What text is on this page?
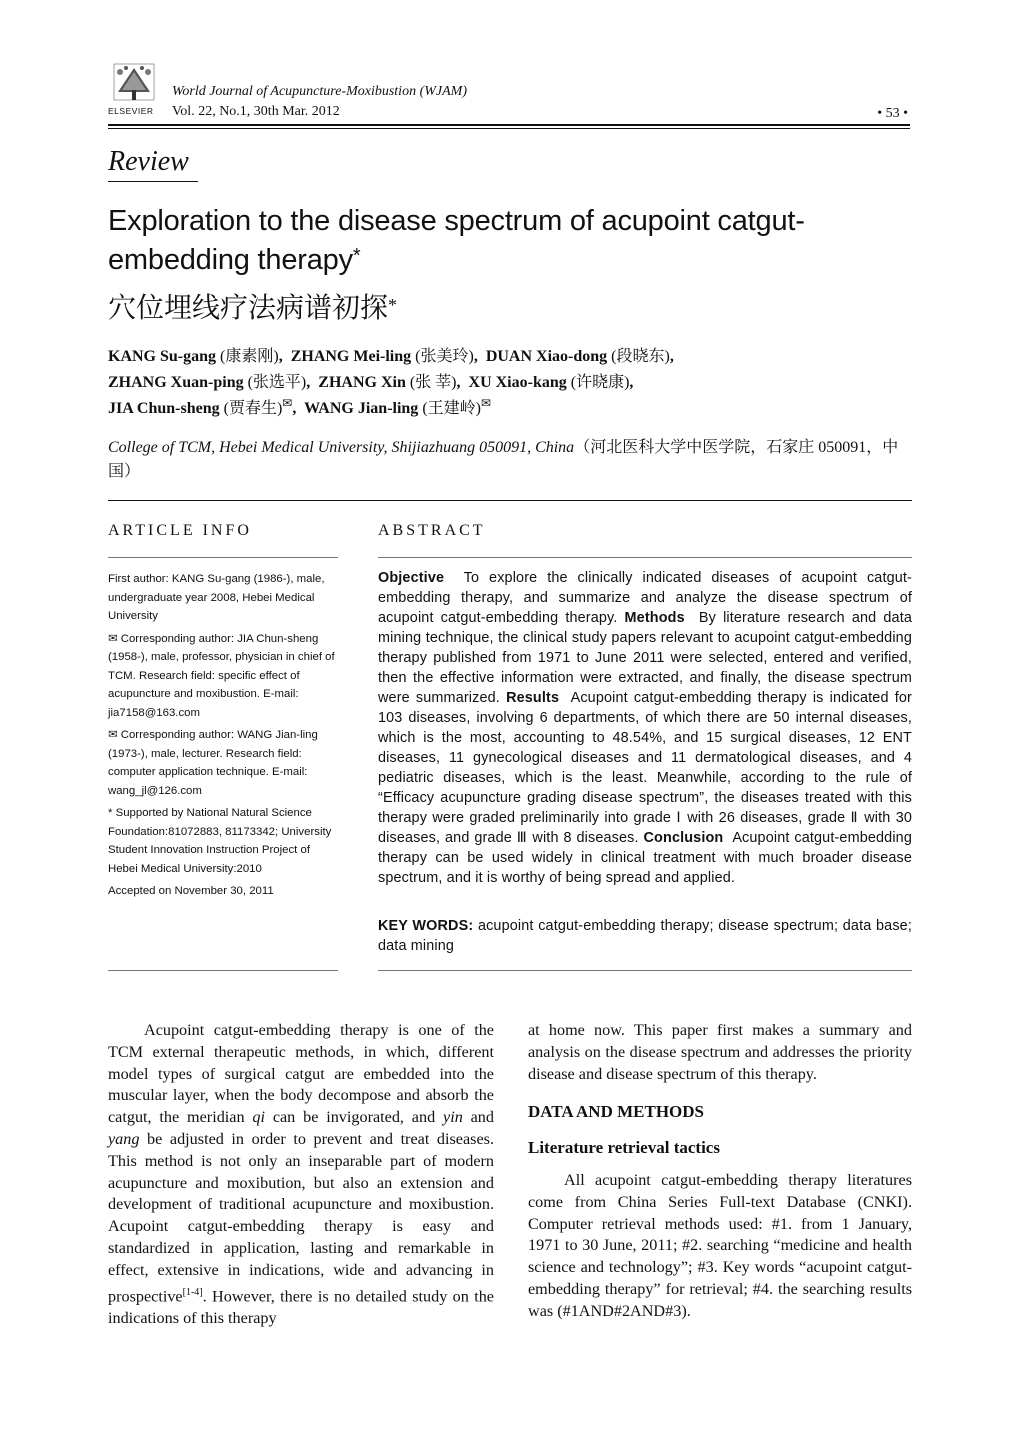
ELSEVIER
World Journal of Acupuncture-Moxibustion (WJAM)
Vol. 22, No.1, 30th Mar. 2012	• 53 •
Review
Exploration to the disease spectrum of acupoint catgut-embedding therapy*
穴位埋线疗法病谱初探*
KANG Su-gang (康素刚), ZHANG Mei-ling (张美玲), DUAN Xiao-dong (段晓东),
ZHANG Xuan-ping (张选平), ZHANG Xin (张 莘), XU Xiao-kang (许晓康),
JIA Chun-sheng (贾春生)✉, WANG Jian-ling (王建岭)✉
College of TCM, Hebei Medical University, Shijiazhuang 050091, China（河北医科大学中医学院，石家庄 050091，中国）
ARTICLE INFO

First author: KANG Su-gang (1986-), male, undergraduate year 2008, Hebei Medical University

✉ Corresponding author: JIA Chun-sheng (1958-), male, professor, physician in chief of TCM. Research field: specific effect of acupuncture and moxibustion. E-mail: jia7158@163.com

✉ Corresponding author: WANG Jian-ling (1973-), male, lecturer. Research field: computer application technique. E-mail: wang_jl@126.com

* Supported by National Natural Science Foundation:81072883, 81173342; University Student Innovation Instruction Project of Hebei Medical University:2010

Accepted on November 30, 2011

ABSTRACT
Objective To explore the clinically indicated diseases of acupoint catgut-embedding therapy, and summarize and analyze the disease spectrum of acupoint catgut-embedding therapy. Methods By literature research and data mining technique, the clinical study papers relevant to acupoint catgut-embedding therapy published from 1971 to June 2011 were selected, entered and verified, then the effective information were extracted, and finally, the disease spectrum were summarized. Results Acupoint catgut-embedding therapy is indicated for 103 diseases, involving 6 departments, of which there are 50 internal diseases, which is the most, accounting to 48.54%, and 15 surgical diseases, 12 ENT diseases, 11 gynecological diseases and 11 dermatological diseases, and 4 pediatric diseases, which is the least. Meanwhile, according to the rule of “Efficacy acupuncture grading disease spectrum”, the diseases treated with this therapy were graded preliminarily into grade Ⅰ with 26 diseases, grade Ⅱ with 30 diseases, and grade Ⅲ with 8 diseases. Conclusion Acupoint catgut-embedding therapy can be used widely in clinical treatment with much broader disease spectrum, and it is worthy of being spread and applied.
KEY WORDS: acupoint catgut-embedding therapy; disease spectrum; data base; data mining

Acupoint catgut-embedding therapy is one of the TCM external therapeutic methods, in which, different model types of surgical catgut are embedded into the muscular layer, when the body decompose and absorb the catgut, the meridian qi can be invigorated, and yin and yang be adjusted in order to prevent and treat diseases. This method is not only an inseparable part of modern acupuncture and moxibution, but also an extension and development of traditional acupuncture and moxibustion. Acupoint catgut-embedding therapy is easy and standardized in application, lasting and remarkable in effect, extensive in indications, wide and advancing in prospective[1-4]. However, there is no detailed study on the indications of this therapy

at home now. This paper first makes a summary and analysis on the disease spectrum and addresses the priority disease and disease spectrum of this therapy.

DATA AND METHODS
Literature retrieval tactics

All acupoint catgut-embedding therapy literatures come from China Series Full-text Database (CNKI). Computer retrieval methods used: #1. from 1 January, 1971 to 30 June, 2011; #2. searching “medicine and health science and technology”; #3. Key words “acupoint catgut-embedding therapy” for retrieval; #4. the searching results was (#1AND#2AND#3).
